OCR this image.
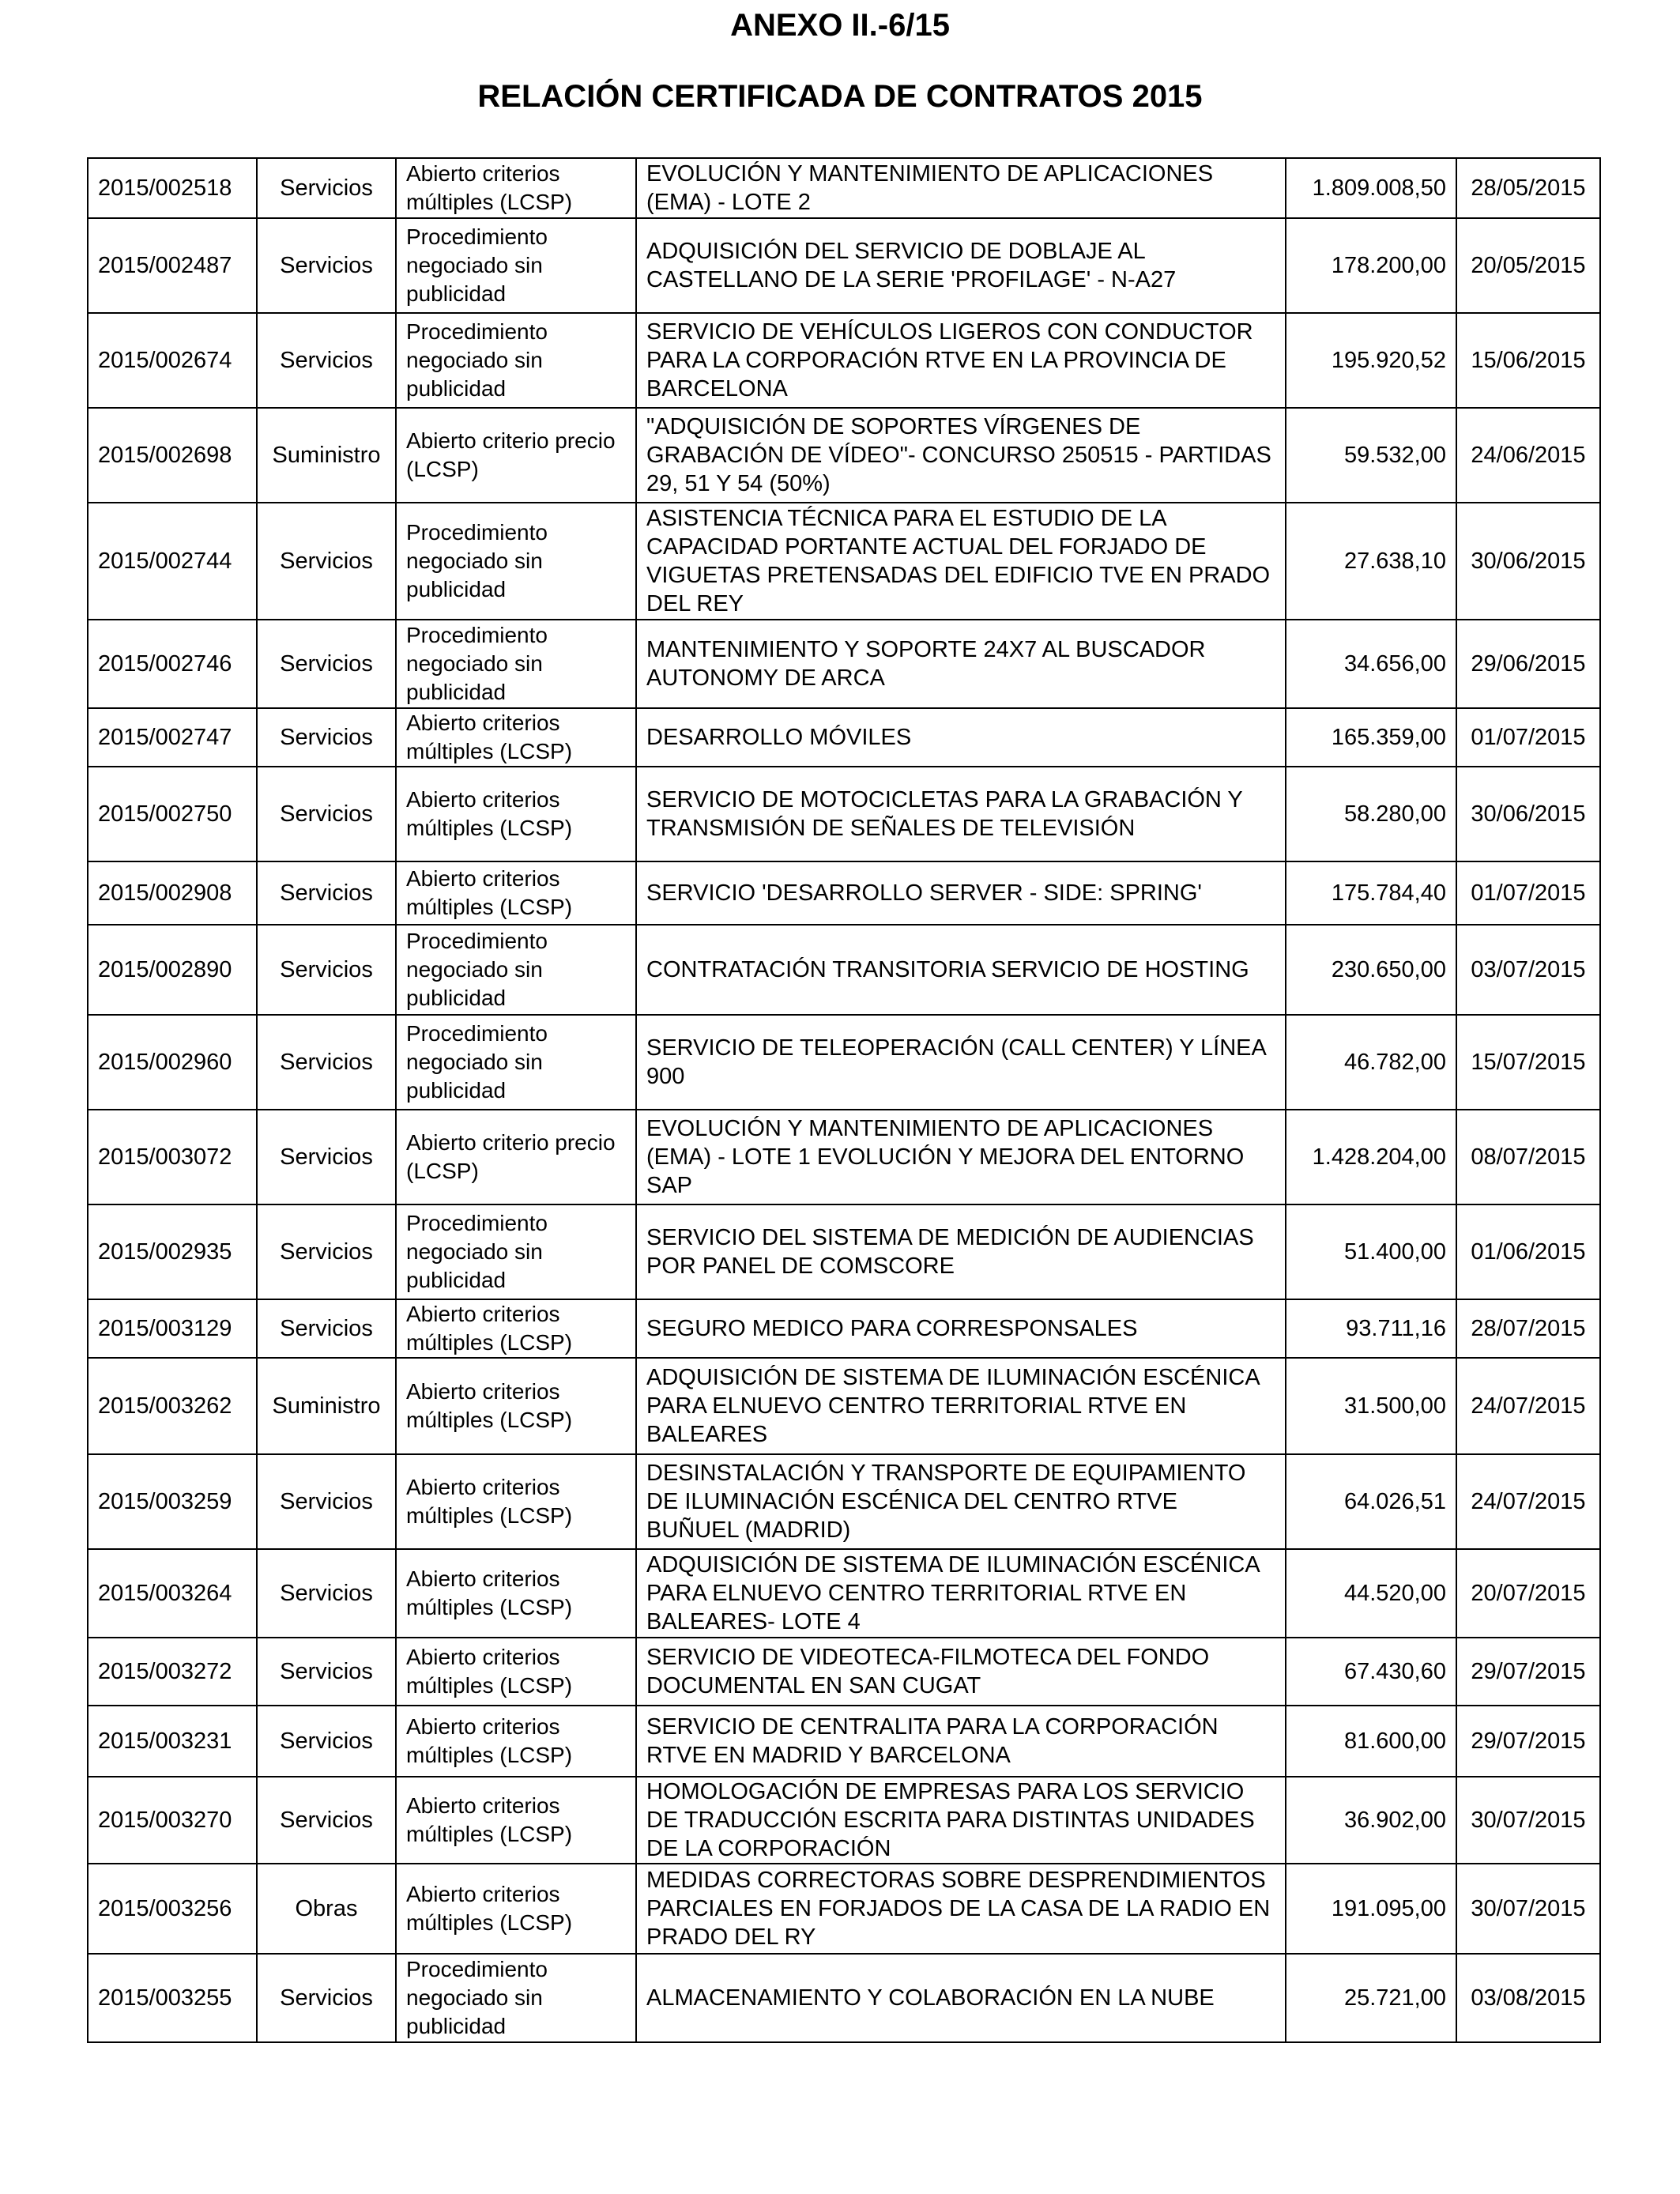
ANEXO II.-6/15
RELACIÓN CERTIFICADA DE CONTRATOS 2015
2015/002518	Servicios	Abierto criterios múltiples (LCSP)	EVOLUCIÓN Y MANTENIMIENTO DE APLICACIONES (EMA) - LOTE 2	1.809.008,50	28/05/2015
2015/002487	Servicios	Procedimiento negociado sin publicidad	ADQUISICIÓN DEL SERVICIO DE DOBLAJE AL CASTELLANO DE LA SERIE 'PROFILAGE' - N-A27	178.200,00	20/05/2015
2015/002674	Servicios	Procedimiento negociado sin publicidad	SERVICIO DE VEHÍCULOS LIGEROS CON CONDUCTOR PARA LA CORPORACIÓN RTVE EN LA PROVINCIA DE BARCELONA	195.920,52	15/06/2015
2015/002698	Suministro	Abierto criterio precio (LCSP)	"ADQUISICIÓN DE SOPORTES VÍRGENES DE GRABACIÓN DE VÍDEO"- CONCURSO 250515 - PARTIDAS 29, 51 Y 54 (50%)	59.532,00	24/06/2015
2015/002744	Servicios	Procedimiento negociado sin publicidad	ASISTENCIA TÉCNICA PARA EL ESTUDIO DE LA CAPACIDAD PORTANTE ACTUAL DEL FORJADO DE VIGUETAS PRETENSADAS DEL EDIFICIO TVE EN PRADO DEL REY	27.638,10	30/06/2015
2015/002746	Servicios	Procedimiento negociado sin publicidad	MANTENIMIENTO Y SOPORTE 24X7 AL BUSCADOR AUTONOMY DE ARCA	34.656,00	29/06/2015
2015/002747	Servicios	Abierto criterios múltiples (LCSP)	DESARROLLO MÓVILES	165.359,00	01/07/2015
2015/002750	Servicios	Abierto criterios múltiples (LCSP)	SERVICIO DE MOTOCICLETAS PARA LA GRABACIÓN Y TRANSMISIÓN DE SEÑALES DE TELEVISIÓN	58.280,00	30/06/2015
2015/002908	Servicios	Abierto criterios múltiples (LCSP)	SERVICIO 'DESARROLLO SERVER - SIDE: SPRING'	175.784,40	01/07/2015
2015/002890	Servicios	Procedimiento negociado sin publicidad	CONTRATACIÓN TRANSITORIA SERVICIO DE HOSTING	230.650,00	03/07/2015
2015/002960	Servicios	Procedimiento negociado sin publicidad	SERVICIO DE TELEOPERACIÓN (CALL CENTER) Y LÍNEA 900	46.782,00	15/07/2015
2015/003072	Servicios	Abierto criterio precio (LCSP)	EVOLUCIÓN Y MANTENIMIENTO DE APLICACIONES (EMA) - LOTE 1 EVOLUCIÓN Y MEJORA DEL ENTORNO SAP	1.428.204,00	08/07/2015
2015/002935	Servicios	Procedimiento negociado sin publicidad	SERVICIO DEL SISTEMA DE MEDICIÓN DE AUDIENCIAS POR PANEL DE COMSCORE	51.400,00	01/06/2015
2015/003129	Servicios	Abierto criterios múltiples (LCSP)	SEGURO MEDICO PARA CORRESPONSALES	93.711,16	28/07/2015
2015/003262	Suministro	Abierto criterios múltiples (LCSP)	ADQUISICIÓN DE SISTEMA DE ILUMINACIÓN ESCÉNICA PARA ELNUEVO CENTRO TERRITORIAL RTVE EN BALEARES	31.500,00	24/07/2015
2015/003259	Servicios	Abierto criterios múltiples (LCSP)	DESINSTALACIÓN Y TRANSPORTE DE EQUIPAMIENTO DE ILUMINACIÓN ESCÉNICA DEL CENTRO RTVE BUÑUEL (MADRID)	64.026,51	24/07/2015
2015/003264	Servicios	Abierto criterios múltiples (LCSP)	ADQUISICIÓN DE SISTEMA DE ILUMINACIÓN ESCÉNICA PARA ELNUEVO CENTRO TERRITORIAL RTVE EN BALEARES- LOTE 4	44.520,00	20/07/2015
2015/003272	Servicios	Abierto criterios múltiples (LCSP)	SERVICIO DE VIDEOTECA-FILMOTECA DEL FONDO DOCUMENTAL EN SAN CUGAT	67.430,60	29/07/2015
2015/003231	Servicios	Abierto criterios múltiples (LCSP)	SERVICIO DE CENTRALITA PARA LA CORPORACIÓN RTVE EN MADRID Y BARCELONA	81.600,00	29/07/2015
2015/003270	Servicios	Abierto criterios múltiples (LCSP)	HOMOLOGACIÓN DE EMPRESAS PARA LOS SERVICIO DE TRADUCCIÓN ESCRITA PARA DISTINTAS UNIDADES DE LA CORPORACIÓN	36.902,00	30/07/2015
2015/003256	Obras	Abierto criterios múltiples (LCSP)	MEDIDAS CORRECTORAS SOBRE DESPRENDIMIENTOS PARCIALES EN FORJADOS DE LA CASA DE LA RADIO EN PRADO DEL RY	191.095,00	30/07/2015
2015/003255	Servicios	Procedimiento negociado sin publicidad	ALMACENAMIENTO Y COLABORACIÓN EN LA NUBE	25.721,00	03/08/2015
